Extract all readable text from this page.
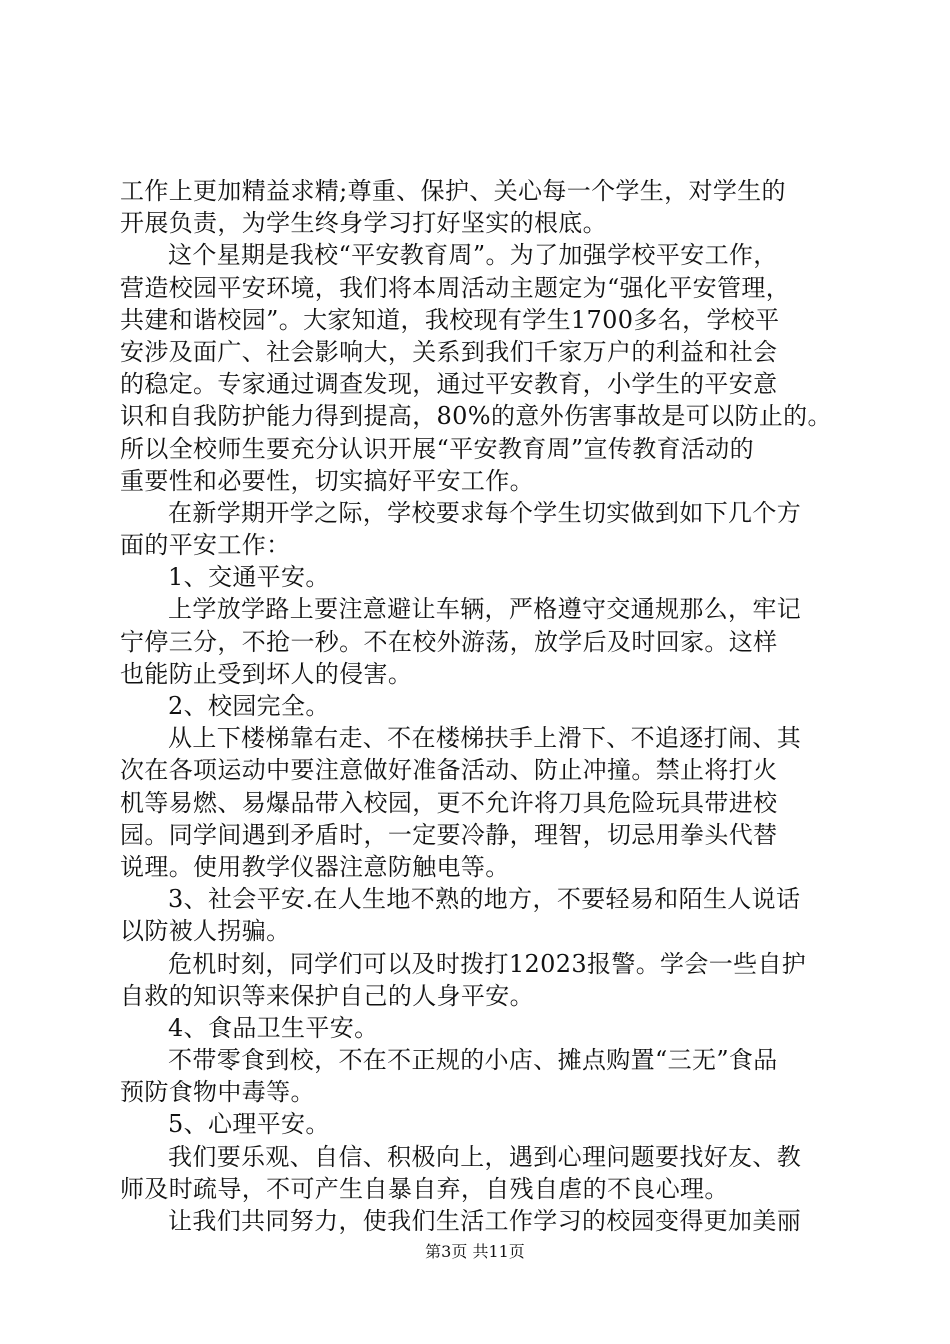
工作上更加精益求精;尊重、保护、关心每一个学生，对学生的
开展负责，为学生终身学习打好坚实的根底。
这个星期是我校“平安教育周”。为了加强学校平安工作，
营造校园平安环境，我们将本周活动主题定为“强化平安管理，
共建和谐校园”。大家知道，我校现有学生1700多名，学校平
安涉及面广、社会影响大，关系到我们千家万户的利益和社会
的稳定。专家通过调查发现，通过平安教育，小学生的平安意
识和自我防护能力得到提高，80%的意外伤害事故是可以防止的。
所以全校师生要充分认识开展“平安教育周”宣传教育活动的
重要性和必要性，切实搞好平安工作。
在新学期开学之际，学校要求每个学生切实做到如下几个方
面的平安工作：
1、交通平安。
上学放学路上要注意避让车辆，严格遵守交通规那么，牢记
宁停三分，不抢一秒。不在校外游荡，放学后及时回家。这样
也能防止受到坏人的侵害。
2、校园完全。
从上下楼梯靠右走、不在楼梯扶手上滑下、不追逐打闹、其
次在各项运动中要注意做好准备活动、防止冲撞。禁止将打火
机等易燃、易爆品带入校园，更不允许将刀具危险玩具带进校
园。同学间遇到矛盾时，一定要冷静，理智，切忌用拳头代替
说理。使用教学仪器注意防触电等。
3、社会平安.在人生地不熟的地方，不要轻易和陌生人说话
以防被人拐骗。
危机时刻，同学们可以及时拨打12023报警。学会一些自护
自救的知识等来保护自己的人身平安。
4、食品卫生平安。
不带零食到校，不在不正规的小店、摊点购置“三无”食品
预防食物中毒等。
5、心理平安。
我们要乐观、自信、积极向上，遇到心理问题要找好友、教
师及时疏导，不可产生自暴自弃，自残自虐的不良心理。
让我们共同努力，使我们生活工作学习的校园变得更加美丽
第3页 共11页
